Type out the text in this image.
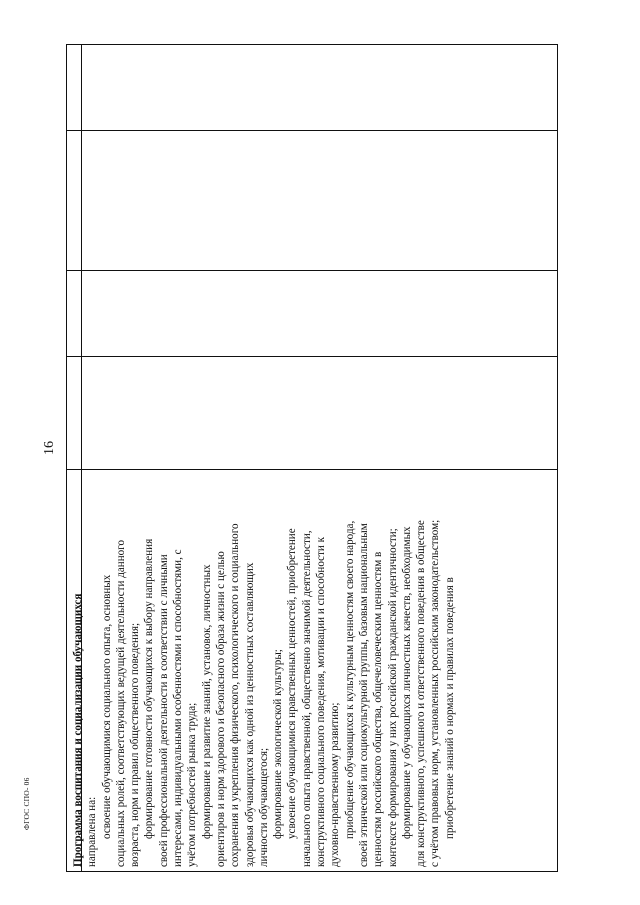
16

Программа воспитания и социализации обучающихся направлена на: освоение обучающимися социального опыта, основных социальных ролей, соответствующих ведущей деятельности данного возраста, норм и правил общественного поведения; формирование готовности обучающихся к выбору направления своей профессиональной деятельности в соответствии с личными интересами, индивидуальными особенностями и способностями, с учётом потребностей рынка труда; формирование и развитие знаний, установок, личностных ориентиров и норм здорового и безопасного образа жизни с целью сохранения и укрепления физического, психологического и социального здоровья обучающихся как одной из ценностных составляющих личности обучающегося; формирование экологической культуры; усвоение обучающимися нравственных ценностей, приобретение начального опыта нравственной, общественно значимой деятельности, конструктивного социального поведения, мотивации и способности к духовно-нравственному развитию; приобщение обучающихся к культурным ценностям своего народа, своей этнической или социокультурной группы, базовым национальным ценностям российского общества, общечеловеческим ценностям в контексте формирования у них российской гражданской идентичности; формирование у обучающихся личностных качеств, необходимых для конструктивного, успешного и ответственного поведения в обществе с учётом правовых норм, установленных российским законодательством; приобретение знаний о нормах и правилах поведения в

ФГОС СПО- 06
